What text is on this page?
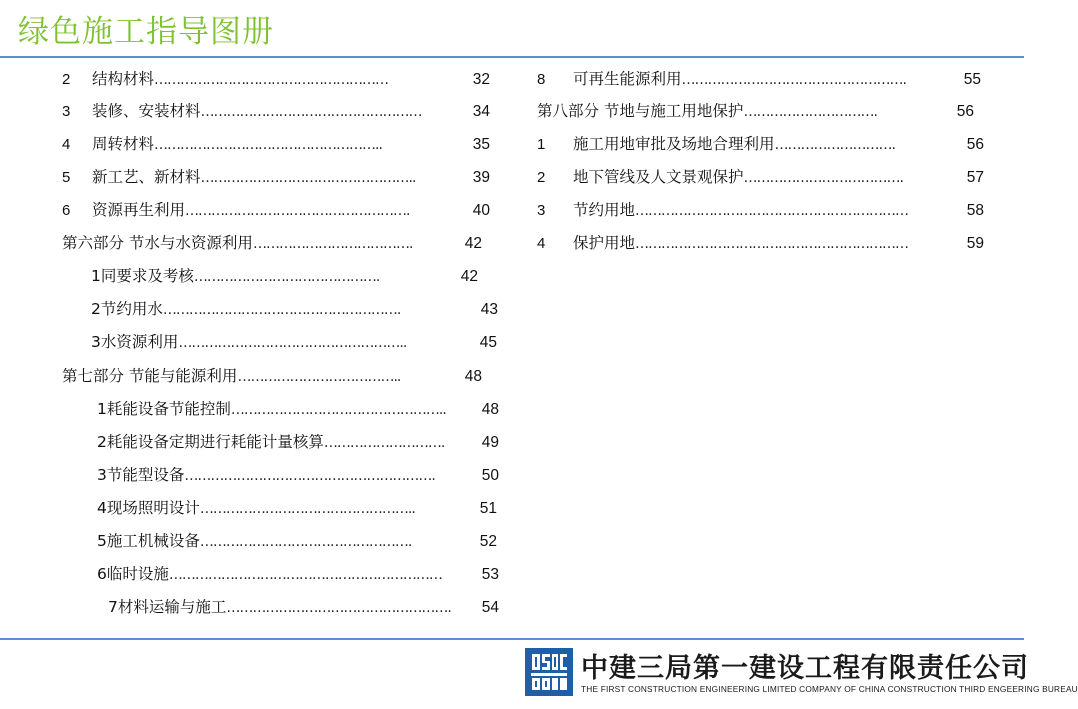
绿色施工指导图册
2	结构材料 ………………………………………………	32
3	装修、安装材料 ……………………………………………	34
4	周转材料 ……………………………………………..	35
5	新工艺、新材料 …………………………………………..	39
6	资源再生利用 …………………………………………….	40
第六部分 节水与水资源利用 ……………………………….	42
1同要求及考核 …………………………………….	42
2节约用水 ……………………………………………….	43
3水资源利用 ……………………………………………..	45
第七部分 节能与能源利用 ………………………………..	48
1耗能设备节能控制 …………………………………………..	48
2耗能设备定期进行耗能计量核算 ……………………….	49
3节能型设备 ………………………………………………….	50
4现场照明设计 …………………………………………..	51
5施工机械设备 ………………………………………….	52
6临时设施 ………………………………………………………	53
7材料运输与施工 …………………………………………….	54
8	可再生能源利用 …………………………………………….	55
第八部分 节地与施工用地保护 ………………………….	56
1	施工用地审批及场地合理利用 ……………………….	56
2	地下管线及人文景观保护 ……………………………….	57
3	节约用地 ………………………………………………………	58
4	保护用地 ………………………………………………………	59
中建三局第一建设工程有限责任公司
THE FIRST CONSTRUCTION ENGINEERING LIMITED COMPANY OF CHINA CONSTRUCTION THIRD ENGEERING BUREAU
